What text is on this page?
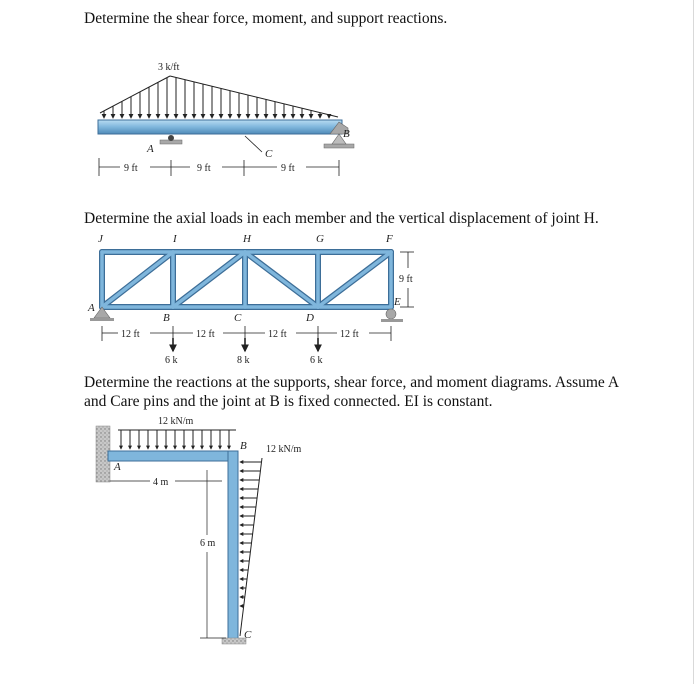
Determine the shear force, moment, and support reactions.

3 k/ft
A	C
B
9 ft	9 ft	9 ft

Determine the axial loads in each member and the vertical displacement of joint H.

J	I	H	G	F
A
B	C	D
E
9 ft
12 ft	12 ft	12 ft	12 ft
6 k	8 k	6 k

Determine the reactions at the supports, shear force, and moment diagrams. Assume A and Care pins and the joint at B is fixed connected. EI is constant.

12 kN/m
A
B 12 kN/m
C
4 m
6 m
